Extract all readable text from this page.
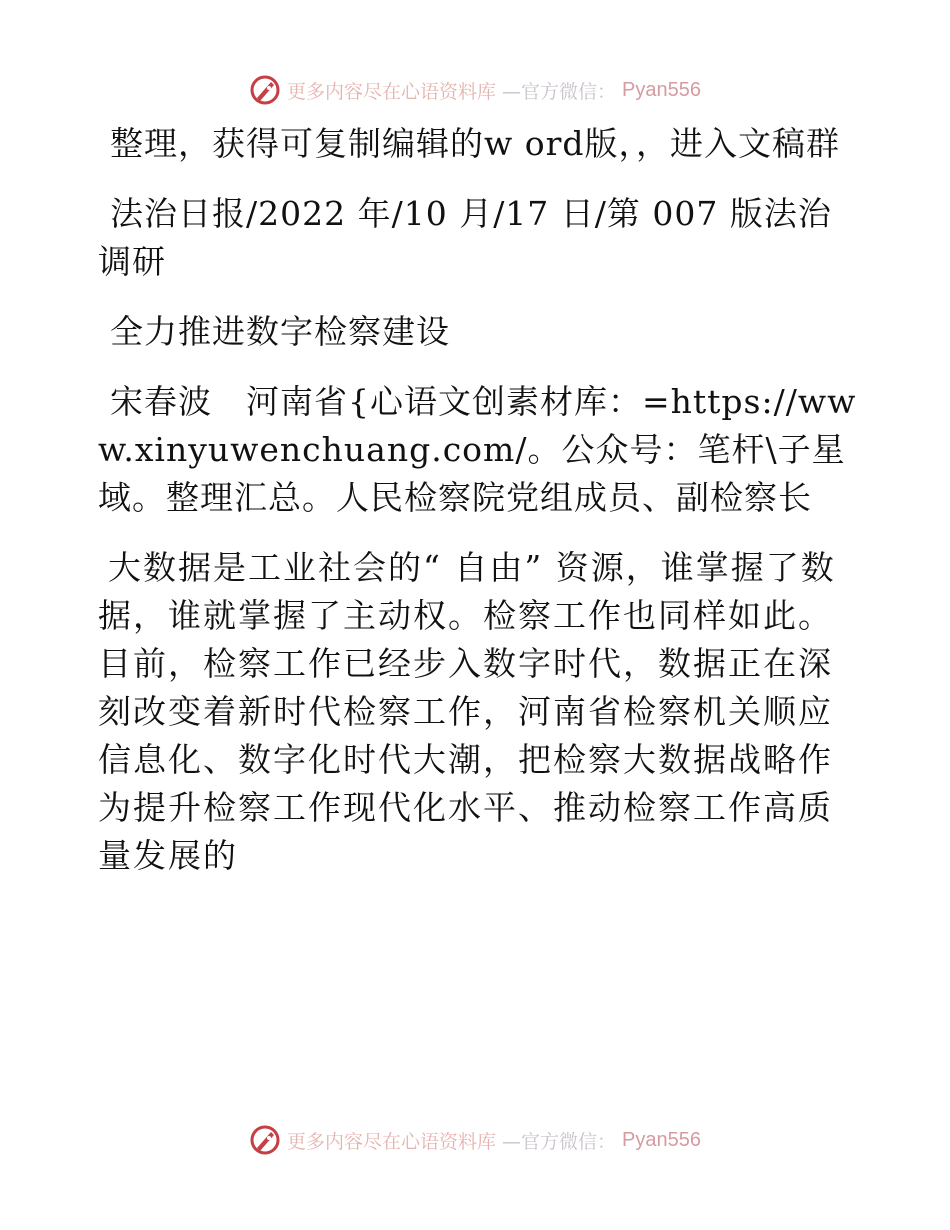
更多内容尽在心语资料库 —官方微信： Pyan556

整理，获得可复制编辑的w ord版，，进入文稿群

法治日报/2022 年/10 月/17 日/第 007 版法治调研

全力推进数字检察建设

宋春波　河南省{心语文创素材库：=https://www.xinyuwenchuang.com/。公众号：笔杆\子星域。整理汇总。人民检察院党组成员、副检察长

大数据是工业社会的“ 自由” 资源，谁掌握了数据，谁就掌握了主动权。检察工作也同样如此。目前，检察工作已经步入数字时代，数据正在深刻改变着新时代检察工作，河南省检察机关顺应信息化、数字化时代大潮，把检察大数据战略作为提升检察工作现代化水平、推动检察工作高质量发展的

更多内容尽在心语资料库 —官方微信： Pyan556
